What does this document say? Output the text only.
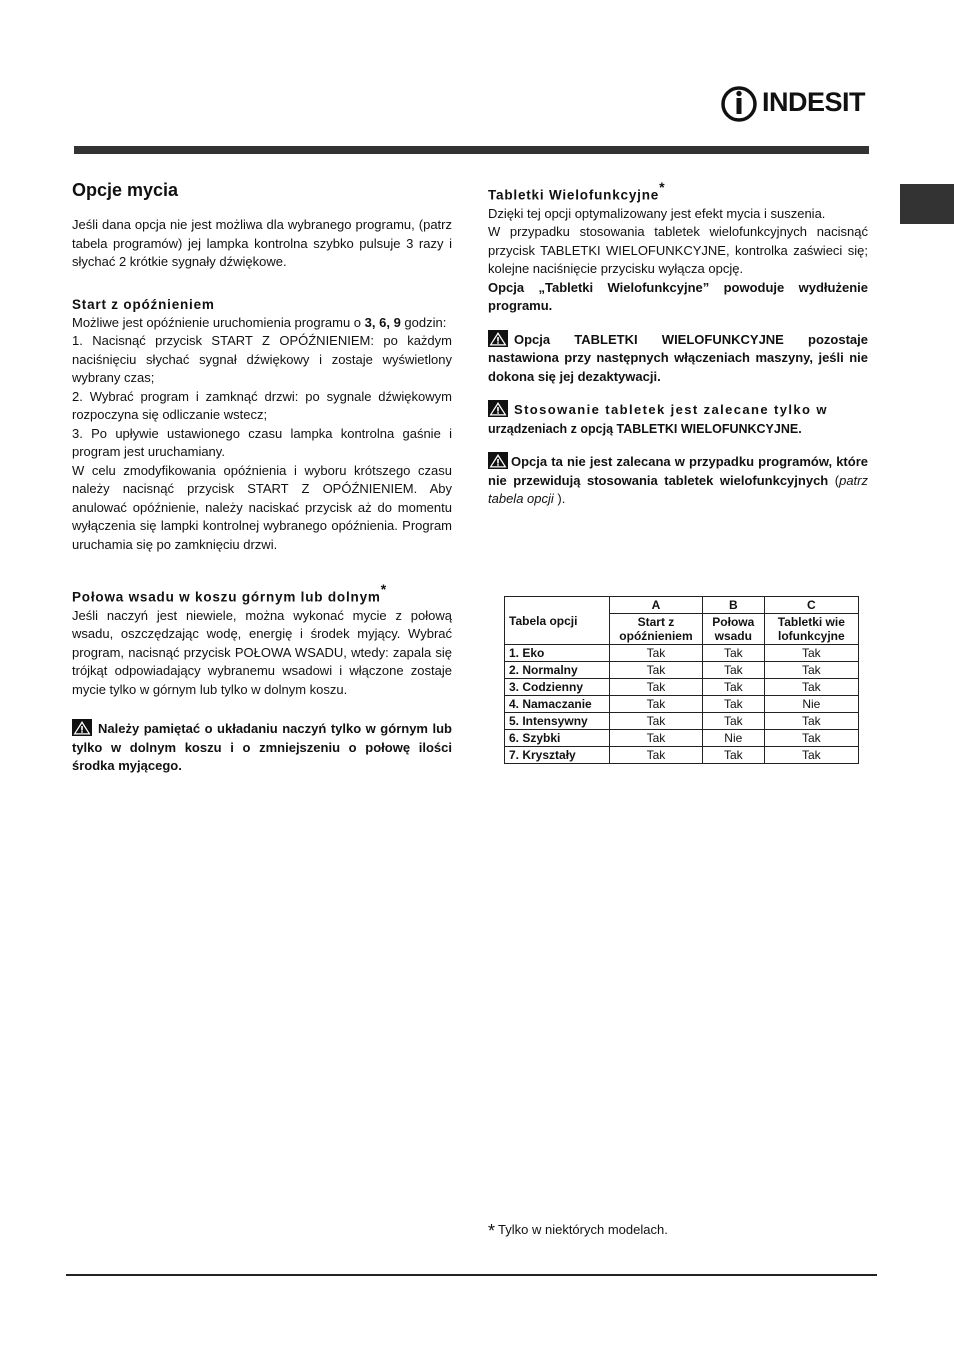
INDESIT
Opcje mycia

Jeśli dana opcja nie jest możliwa dla wybranego programu, (patrz tabela programów) jej lampka kontrolna szybko pulsuje 3 razy i słychać 2 krótkie sygnały dźwiękowe.

Start z opóźnieniem

Możliwe jest opóźnienie uruchomienia programu o 3, 6, 9 godzin:

1. Nacisnąć przycisk START Z OPÓŹNIENIEM: po każdym naciśnięciu słychać sygnał dźwiękowy i zostaje wyświetlony wybrany czas;

2. Wybrać program i zamknąć drzwi: po sygnale dźwiękowym rozpoczyna się odliczanie wstecz;

3. Po upływie ustawionego czasu lampka kontrolna gaśnie i program jest uruchamiany.

W celu zmodyfikowania opóźnienia i wyboru krótszego czasu należy nacisnąć przycisk START Z OPÓŹNIENIEM. Aby anulować opóźnienie, należy naciskać przycisk aż do momentu wyłączenia się lampki kontrolnej wybranego opóźnienia. Program uruchamia się po zamknięciu drzwi.

Połowa wsadu w koszu górnym lub dolnym*

Jeśli naczyń jest niewiele, można wykonać mycie z połową wsadu, oszczędzając wodę, energię i środek myjący. Wybrać program, nacisnąć przycisk POŁOWA WSADU, wtedy: zapala się trójkąt odpowiadający wybranemu wsadowi i włączone zostaje mycie tylko w górnym lub tylko w dolnym koszu.

Należy pamiętać o układaniu naczyń tylko w górnym lub tylko w dolnym koszu i o zmniejszeniu o połowę ilości środka myjącego.

Tabletki Wielofunkcyjne*

Dzięki tej opcji optymalizowany jest efekt mycia i suszenia.

W przypadku stosowania tabletek wielofunkcyjnych nacisnąć przycisk TABLETKI WIELOFUNKCYJNE, kontrolka zaświeci się; kolejne naciśnięcie przycisku wyłącza opcję.

Opcja „Tabletki Wielofunkcyjne” powoduje wydłużenie programu.

Opcja TABLETKI WIELOFUNKCYJNE pozostaje nastawiona przy następnych włączeniach maszyny, jeśli nie dokona się jej dezaktywacji.

Stosowanie tabletek jest zalecane tylko w
urządzeniach z opcją TABLETKI WIELOFUNKCYJNE.

Opcja ta nie jest zalecana w przypadku programów, które nie przewidują stosowania tabletek wielofunkcyjnych (patrz tabela opcji ).

Tabela opcji	A	B	C
	Start z opóźnieniem	Połowa wsadu	Tabletki wie lofunkcyjne
1. Eko	Tak	Tak	Tak
2. Normalny	Tak	Tak	Tak
3. Codzienny	Tak	Tak	Tak
4. Namaczanie	Tak	Tak	Nie
5. Intensywny	Tak	Tak	Tak
6. Szybki	Tak	Nie	Tak
7. Kryształy	Tak	Tak	Tak
* Tylko w niektórych modelach.
